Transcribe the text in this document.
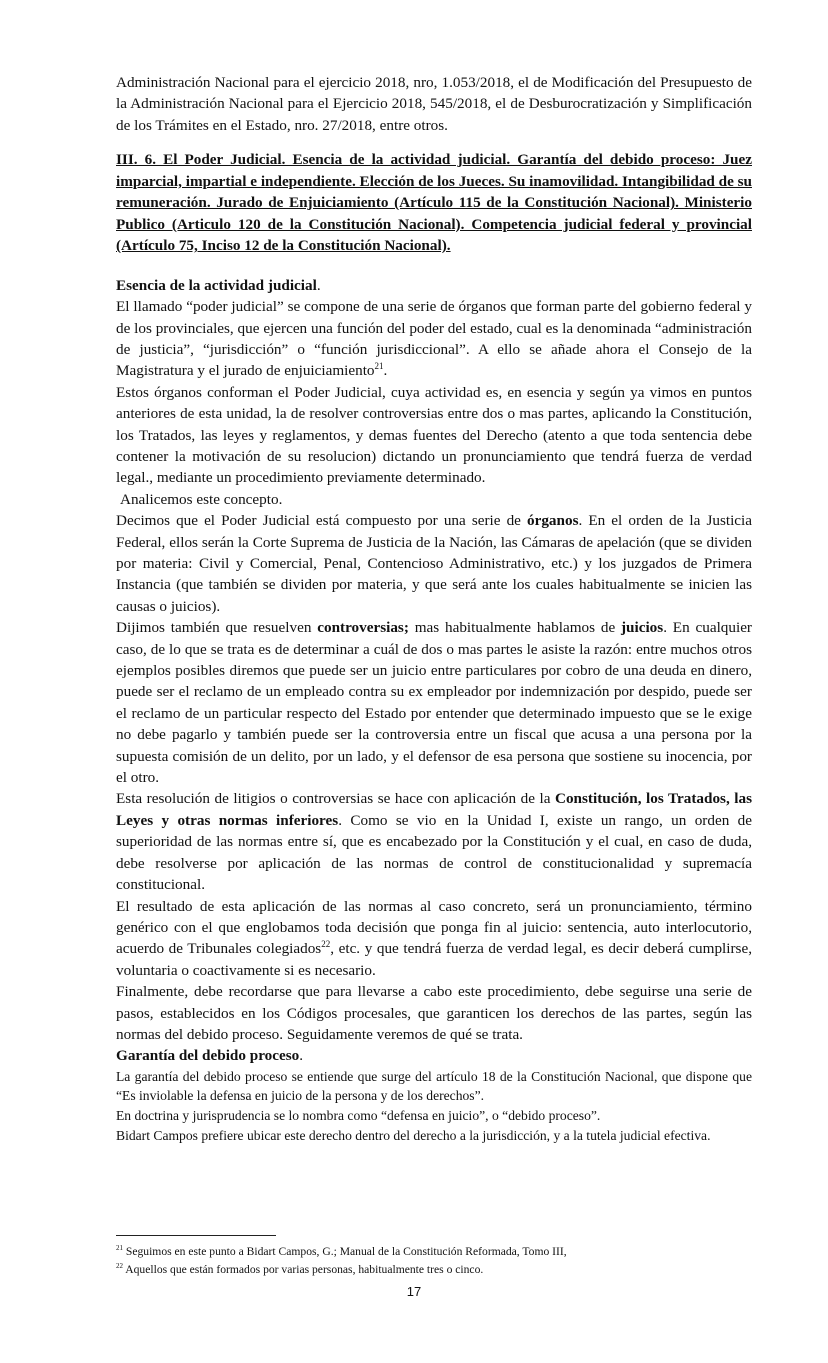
Administración Nacional para el ejercicio 2018, nro, 1.053/2018, el de Modificación del Presupuesto de la Administración Nacional para el Ejercicio 2018, 545/2018, el de Desburocratización y Simplificación de los Trámites en el Estado, nro. 27/2018, entre otros.

III. 6. El Poder Judicial. Esencia de la actividad judicial. Garantía del debido proceso: Juez imparcial, impartial e independiente. Elección de los Jueces. Su inamovilidad. Intangibilidad de su remuneración. Jurado de Enjuiciamiento (Artículo 115 de la Constitución Nacional). Ministerio Publico (Articulo 120 de la Constitución Nacional). Competencia judicial federal y provincial (Artículo 75, Inciso 12 de la Constitución Nacional).

Esencia de la actividad judicial.

El llamado “poder judicial” se compone de una serie de órganos que forman parte del gobierno federal y de los provinciales, que ejercen una función del poder del estado, cual es la denominada “administración de justicia”, “jurisdicción” o “función jurisdiccional”. A ello se añade ahora el Consejo de la Magistratura y el jurado de enjuiciamiento$^{21}$.

Estos órganos conforman el Poder Judicial, cuya actividad es, en esencia y según ya vimos en puntos anteriores de esta unidad, la de resolver controversias entre dos o mas partes, aplicando la Constitución, los Tratados, las leyes y reglamentos, y demas fuentes del Derecho (atento a que toda sentencia debe contener la motivación de su resolucion) dictando un pronunciamiento que tendrá fuerza de verdad legal., mediante un procedimiento previamente determinado.

Analicemos este concepto.

Decimos que el Poder Judicial está compuesto por una serie de órganos. En el orden de la Justicia Federal, ellos serán la Corte Suprema de Justicia de la Nación, las Cámaras de apelación (que se dividen por materia: Civil y Comercial, Penal, Contencioso Administrativo, etc.) y los juzgados de Primera Instancia (que también se dividen por materia, y que será ante los cuales habitualmente se inicien las causas o juicios).

Dijimos también que resuelven controversias; mas habitualmente hablamos de juicios. En cualquier caso, de lo que se trata es de determinar a cuál de dos o mas partes le asiste la razón: entre muchos otros ejemplos posibles diremos que puede ser un juicio entre particulares por cobro de una deuda en dinero, puede ser el reclamo de un empleado contra su ex empleador por indemnización por despido, puede ser el reclamo de un particular respecto del Estado por entender que determinado impuesto que se le exige no debe pagarlo y también puede ser la controversia entre un fiscal que acusa a una persona por la supuesta comisión de un delito, por un lado, y el defensor de esa persona que sostiene su inocencia, por el otro.

Esta resolución de litigios o controversias se hace con aplicación de la Constitución, los Tratados, las Leyes y otras normas inferiores. Como se vio en la Unidad I, existe un rango, un orden de superioridad de las normas entre sí, que es encabezado por la Constitución y el cual, en caso de duda, debe resolverse por aplicación de las normas de control de constitucionalidad y supremacía constitucional.

El resultado de esta aplicación de las normas al caso concreto, será un pronunciamiento, término genérico con el que englobamos toda decisión que ponga fin al juicio: sentencia, auto interlocutorio, acuerdo de Tribunales colegiados$^{22}$, etc. y que tendrá fuerza de verdad legal, es decir deberá cumplirse, voluntaria o coactivamente si es necesario.

Finalmente, debe recordarse que para llevarse a cabo este procedimiento, debe seguirse una serie de pasos, establecidos en los Códigos procesales, que garanticen los derechos de las partes, según las normas del debido proceso. Seguidamente veremos de qué se trata.

Garantía del debido proceso.

La garantía del debido proceso se entiende que surge del artículo 18 de la Constitución Nacional, que dispone que “Es inviolable la defensa en juicio de la persona y de los derechos”.

En doctrina y jurisprudencia se lo nombra como “defensa en juicio”, o “debido proceso”.

Bidart Campos prefiere ubicar este derecho dentro del derecho a la jurisdicción, y a la tutela judicial efectiva.

$^{21}$ Seguimos en este punto a Bidart Campos, G.; Manual de la Constitución Reformada, Tomo III,

$^{22}$ Aquellos que están formados por varias personas, habitualmente tres o cinco.

17
